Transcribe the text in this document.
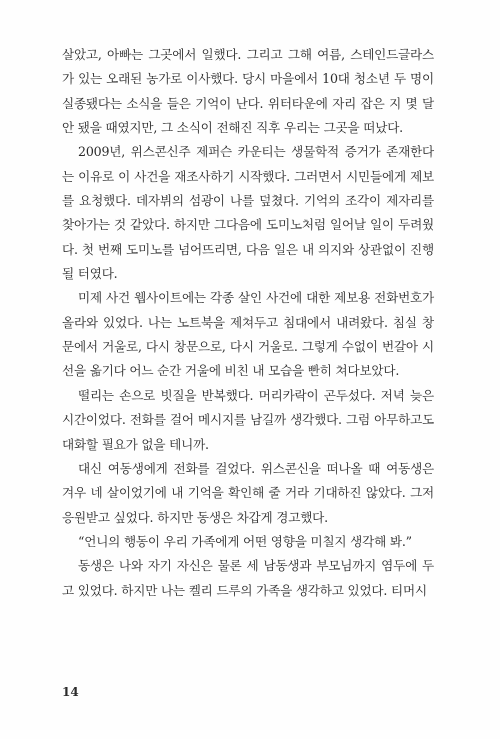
살았고, 아빠는 그곳에서 일했다. 그리고 그해 여름, 스테인드글라스가 있는 오래된 농가로 이사했다. 당시 마을에서 10대 청소년 두 명이 실종됐다는 소식을 들은 기억이 난다. 위터타운에 자리 잡은 지 몇 달 안 됐을 때였지만, 그 소식이 전해진 직후 우리는 그곳을 떠났다.

2009년, 위스콘신주 제퍼슨 카운티는 생물학적 증거가 존재한다는 이유로 이 사건을 재조사하기 시작했다. 그러면서 시민들에게 제보를 요청했다. 데자뷔의 섬광이 나를 덮쳤다. 기억의 조각이 제자리를 찾아가는 것 같았다. 하지만 그다음에 도미노처럼 일어날 일이 두려웠다. 첫 번째 도미노를 넘어뜨리면, 다음 일은 내 의지와 상관없이 진행될 터였다.

미제 사건 웹사이트에는 각종 살인 사건에 대한 제보용 전화번호가 올라와 있었다. 나는 노트북을 제쳐두고 침대에서 내려왔다. 침실 창문에서 거울로, 다시 창문으로, 다시 거울로. 그렇게 수없이 번갈아 시선을 옮기다 어느 순간 거울에 비친 내 모습을 빤히 쳐다보았다.

떨리는 손으로 빗질을 반복했다. 머리카락이 곤두섰다. 저녁 늦은 시간이었다. 전화를 걸어 메시지를 남길까 생각했다. 그럼 아무하고도 대화할 필요가 없을 테니까.

대신 여동생에게 전화를 걸었다. 위스콘신을 떠나올 때 여동생은 겨우 네 살이었기에 내 기억을 확인해 줄 거라 기대하진 않았다. 그저 응원받고 싶었다. 하지만 동생은 차갑게 경고했다.

“언니의 행동이 우리 가족에게 어떤 영향을 미칠지 생각해 봐.”

동생은 나와 자기 자신은 물론 세 남동생과 부모님까지 염두에 두고 있었다. 하지만 나는 켈리 드루의 가족을 생각하고 있었다. 티머시

14
